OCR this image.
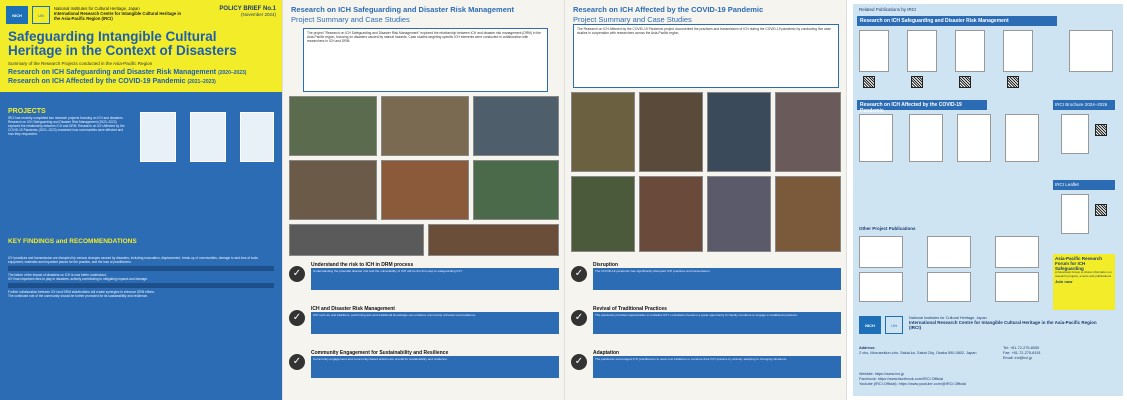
NICH	UN
National Institutes for Cultural Heritage, Japan
International Research Centre for Intangible Cultural Heritage in the Asia-Pacific Region (IRCI)
POLICY BRIEF No.1
(November 2024)
Safeguarding Intangible Cultural Heritage in the Context of Disasters
Summary of the Research Projects conducted in the Asia-Pacific Region
Research on ICH Safeguarding and Disaster Risk Management (2020–2023)
Research on ICH Affected by the COVID-19 Pandemic (2021–2023)
PROJECTS
IRCI has recently completed two research projects focusing on ICH and disasters. Research on ICH Safeguarding and Disaster Risk Management (2020–2023) explored the relationship between ICH and DRM. Research on ICH Affected by the COVID-19 Pandemic (2021–2023) examined how communities were affected and how they responded.
KEY FINDINGS and RECOMMENDATIONS
ICH practices and transmission are disrupted by various changes caused by disasters, including evacuation, displacement, break-up of communities, damage to and loss of tools, equipment, materials and important places for the practice, and the loss of practitioners.
The failure of the impact of disasters on ICH is now better understood.
ICH has important roles to play in disasters, actively contributing to mitigating impacts and damage.
Further collaboration between ICH and DRM stakeholders will create synergies to enhance DRM efforts.
The continued role of the community should be further promoted for its sustainability and resilience.
Research on ICH Safeguarding and Disaster Risk Management
Project Summary and Case Studies
The project "Research on ICH Safeguarding and Disaster Risk Management" explored the relationship between ICH and disaster risk management (DRM) in the Asia-Pacific region, focusing on disasters caused by natural hazards. Case studies targeting specific ICH elements were conducted in collaboration with researchers in ICH and DRM.
✓
Understand the risk to ICH in DRM process
Understanding the potential disaster risk and the vulnerability of ICH will be the first step to safeguarding ICH.
✓
ICH and Disaster Risk Management
ICH such as oral traditions, performing arts and traditional knowledge can enhance community cohesion and resilience.
✓
Community Engagement for Sustainability and Resilience
Community engagement and community-based actions are crucial for sustainability and resilience.
Research on ICH Affected by the COVID-19 Pandemic
Project Summary and Case Studies
The Research on ICH Affected by the COVID-19 Pandemic project documented the practices and transmission of ICH during the COVID-19 pandemic by conducting five case studies in cooperation with researchers across the Asia-Pacific region.
✓
Disruption
The COVID-19 pandemic has significantly disrupted ICH practices and transmission.
✓
Revival of Traditional Practices
The pandemic provided opportunities to revitalize ICH. Lockdowns became a great opportunity for family members to engage in traditional practices.
✓
Adaptation
The pandemic encouraged ICH practitioners to seek new initiatives to continue their ICH practice by actively adapting to changing situations.
Related Publications by IRCI
Research on ICH Safeguarding and Disaster Risk Management
Research on ICH Affected by the COVID-19 Pandemic
IRCI Brochure 2024–2026
IRCI Leaflet
Other Project Publications
Asia-Pacific Research Forum for ICH Safeguarding
A Facebook Group to share information on research projects, events and publications.
Join now
NICH	UN
National Institutes for Cultural Heritage, Japan
International Research Centre for Intangible Cultural Heritage in the Asia-Pacific Region (IRCI)
Address:
2 cho, Mozusekiun-cho, Sakai-ku, Sakai City, Osaka 590-0802, Japan
Tel: +81-72-275-8050
Fax: +81-72-275-8151
Email: irci@irci.jp
Website: https://www.irci.jp
Facebook: https://www.facebook.com/IRCI.Official
Youtube (IRCI.Official): https://www.youtube.com/@IRCI.Official
